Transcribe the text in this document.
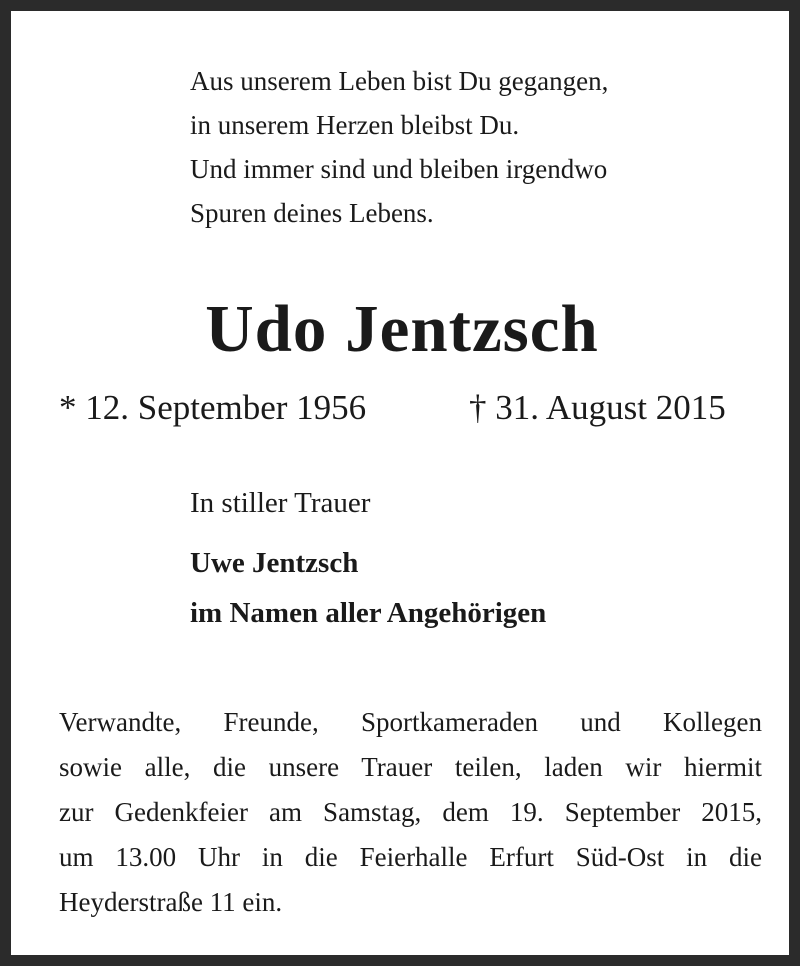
Aus unserem Leben bist Du gegangen,
in unserem Herzen bleibst Du.
Und immer sind und bleiben irgendwo
Spuren deines Lebens.
Udo Jentzsch
* 12. September 1956	† 31. August 2015
In stiller Trauer
Uwe Jentzsch
im Namen aller Angehörigen
Verwandte, Freunde, Sportkameraden und Kollegen
sowie alle, die unsere Trauer teilen, laden wir hiermit
zur Gedenkfeier am Samstag, dem 19. September 2015,
um 13.00 Uhr in die Feierhalle Erfurt Süd-Ost in die
Heyderstraße 11 ein.
